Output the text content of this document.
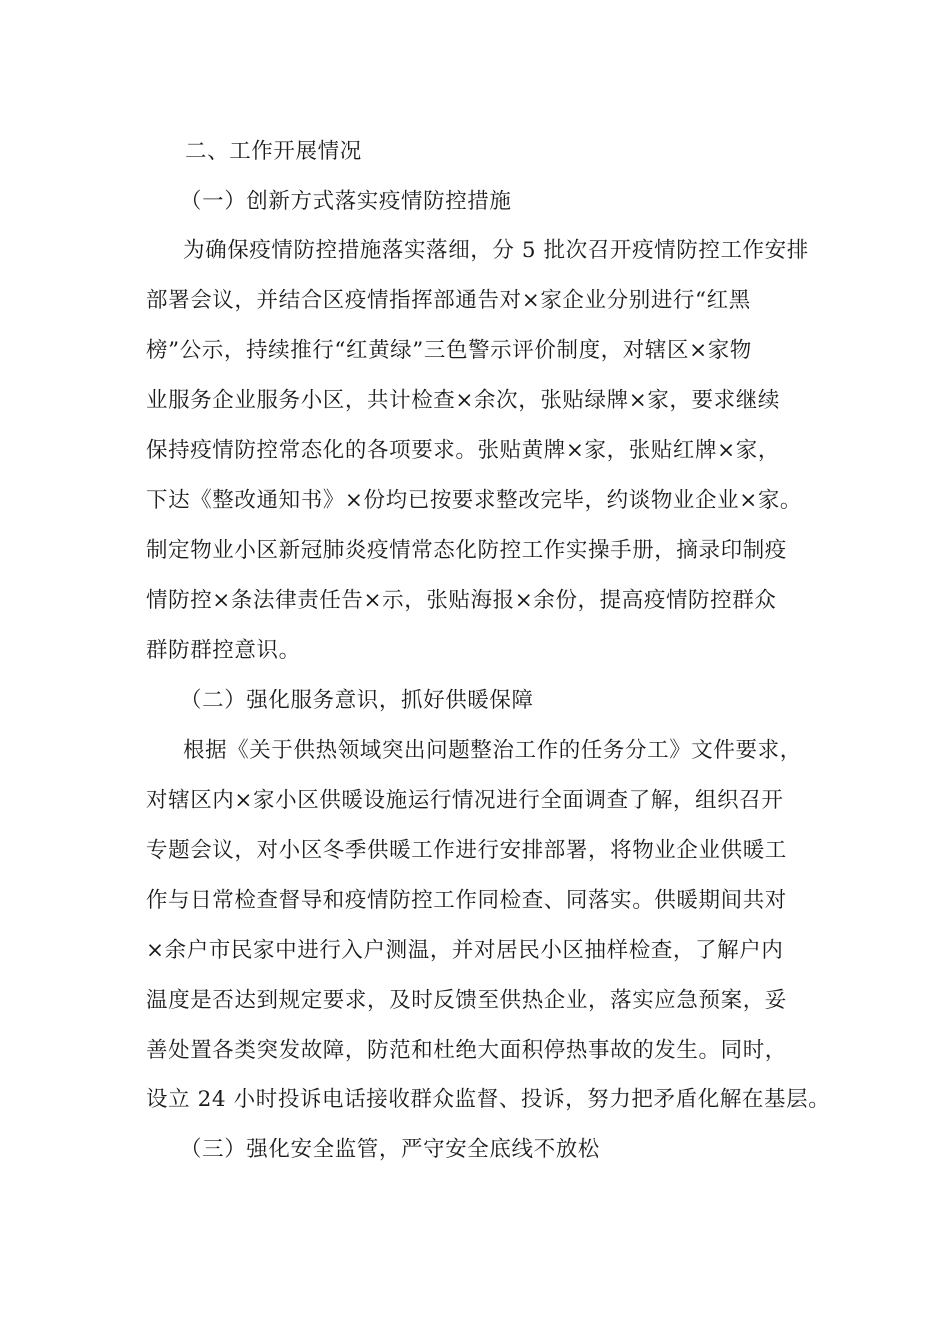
二、工作开展情况
（一）创新方式落实疫情防控措施
为确保疫情防控措施落实落细，分 5 批次召开疫情防控工作安排
部署会议，并结合区疫情指挥部通告对×家企业分别进行“红黑
榜”公示，持续推行“红黄绿”三色警示评价制度，对辖区×家物
业服务企业服务小区，共计检查×余次，张贴绿牌×家，要求继续
保持疫情防控常态化的各项要求。张贴黄牌×家，张贴红牌×家，
下达《整改通知书》×份均已按要求整改完毕，约谈物业企业×家。
制定物业小区新冠肺炎疫情常态化防控工作实操手册，摘录印制疫
情防控×条法律责任告×示，张贴海报×余份，提高疫情防控群众
群防群控意识。
（二）强化服务意识，抓好供暖保障
根据《关于供热领域突出问题整治工作的任务分工》文件要求，
对辖区内×家小区供暖设施运行情况进行全面调查了解，组织召开
专题会议，对小区冬季供暖工作进行安排部署，将物业企业供暖工
作与日常检查督导和疫情防控工作同检查、同落实。供暖期间共对
×余户市民家中进行入户测温，并对居民小区抽样检查，了解户内
温度是否达到规定要求，及时反馈至供热企业，落实应急预案，妥
善处置各类突发故障，防范和杜绝大面积停热事故的发生。同时，
设立 24 小时投诉电话接收群众监督、投诉，努力把矛盾化解在基层。
（三）强化安全监管，严守安全底线不放松
